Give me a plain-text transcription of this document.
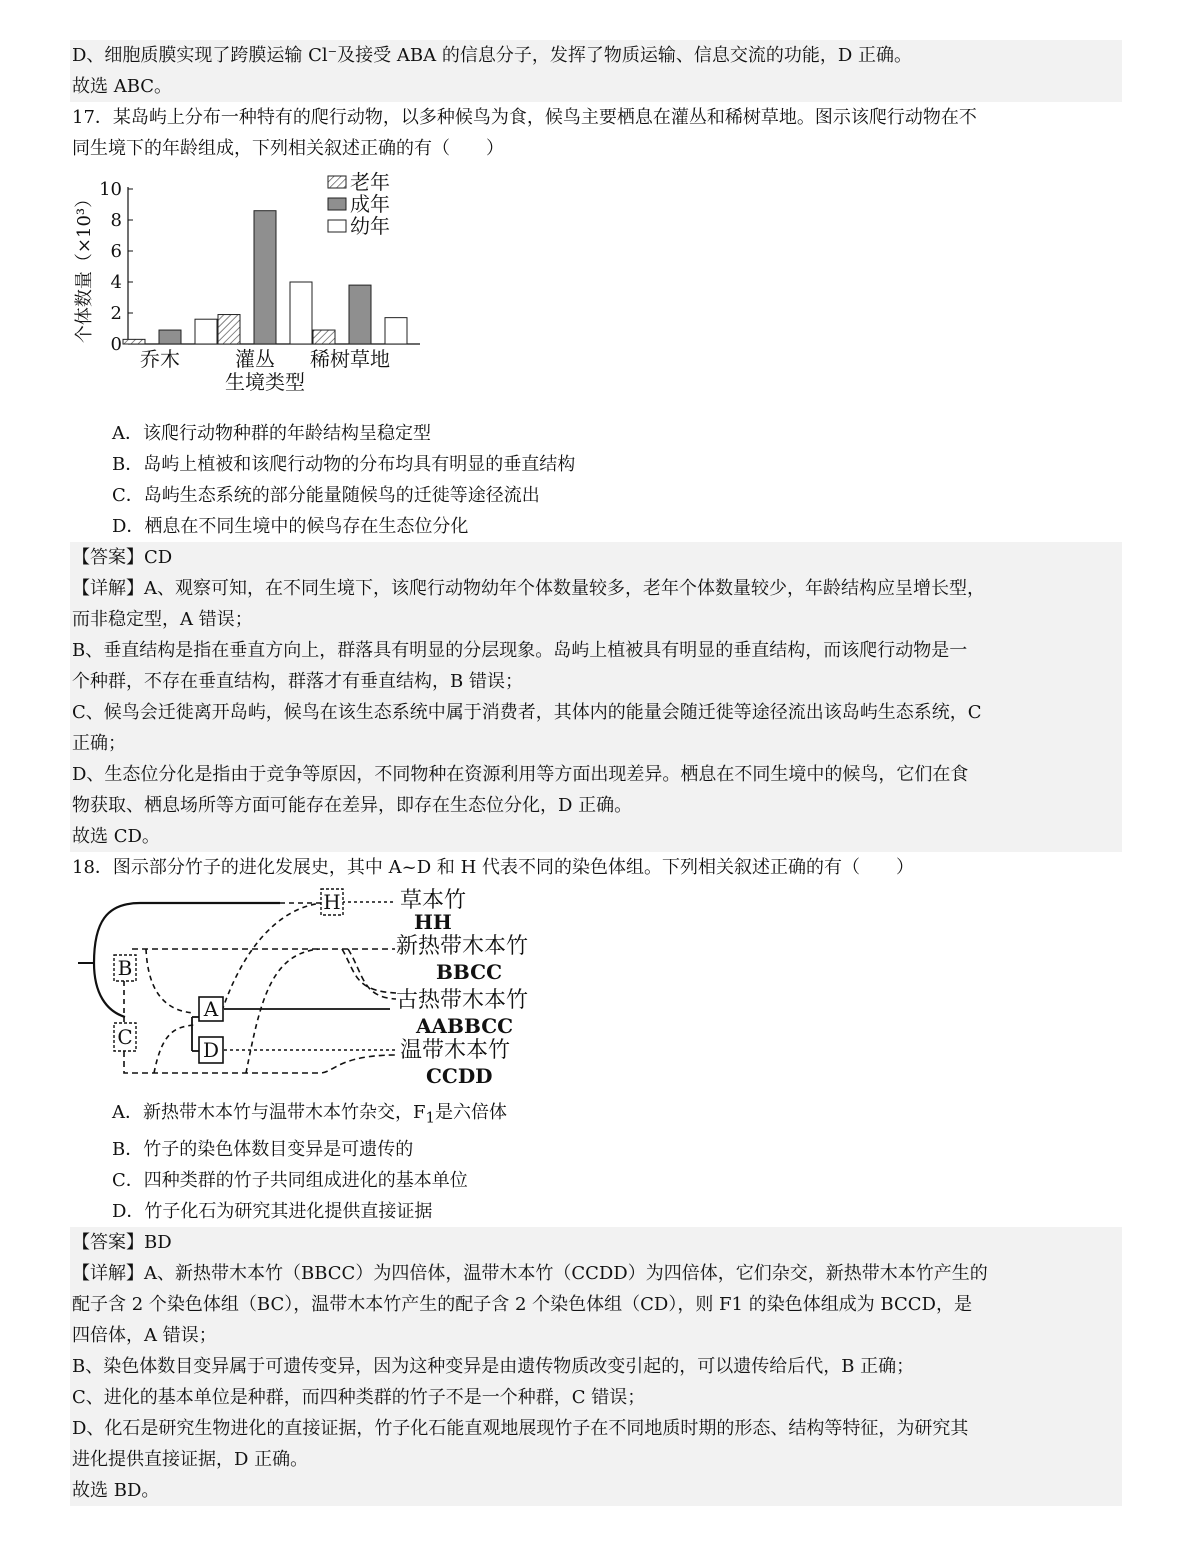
D、细胞质膜实现了跨膜运输 Cl⁻及接受 ABA 的信息分子，发挥了物质运输、信息交流的功能，D 正确。

故选 ABC。

17．某岛屿上分布一种特有的爬行动物，以多种候鸟为食，候鸟主要栖息在灌丛和稀树草地。图示该爬行动物在不

同生境下的年龄组成，下列相关叙述正确的有（　　）

0
2
4
6
8
10
个体数量（×10³）
乔木	灌丛 稀树草地
生境类型
老年
成年
幼年

A．该爬行动物种群的年龄结构呈稳定型

B．岛屿上植被和该爬行动物的分布均具有明显的垂直结构

C．岛屿生态系统的部分能量随候鸟的迁徙等途径流出

D．栖息在不同生境中的候鸟存在生态位分化

【答案】CD

【详解】A、观察可知，在不同生境下，该爬行动物幼年个体数量较多，老年个体数量较少，年龄结构应呈增长型，

而非稳定型，A 错误；

B、垂直结构是指在垂直方向上，群落具有明显的分层现象。岛屿上植被具有明显的垂直结构，而该爬行动物是一

个种群，不存在垂直结构，群落才有垂直结构，B 错误；

C、候鸟会迁徙离开岛屿，候鸟在该生态系统中属于消费者，其体内的能量会随迁徙等途径流出该岛屿生态系统，C

正确；

D、生态位分化是指由于竞争等原因，不同物种在资源利用等方面出现差异。栖息在不同生境中的候鸟，它们在食

物获取、栖息场所等方面可能存在差异，即存在生态位分化，D 正确。

故选 CD。

18．图示部分竹子的进化发展史，其中 A~D 和 H 代表不同的染色体组。下列相关叙述正确的有（　　）

H
B
A
C
D
草本竹
HH
新热带木本竹
BBCC
古热带木本竹
AABBCC
温带木本竹
CCDD

A．新热带木本竹与温带木本竹杂交，$F_1$是六倍体

B．竹子的染色体数目变异是可遗传的

C．四种类群的竹子共同组成进化的基本单位

D．竹子化石为研究其进化提供直接证据

【答案】BD

【详解】A、新热带木本竹（BBCC）为四倍体，温带木本竹（CCDD）为四倍体，它们杂交，新热带木本竹产生的

配子含 2 个染色体组（BC），温带木本竹产生的配子含 2 个染色体组（CD），则 F1 的染色体组成为 BCCD，是

四倍体，A 错误；

B、染色体数目变异属于可遗传变异，因为这种变异是由遗传物质改变引起的，可以遗传给后代，B 正确；

C、进化的基本单位是种群，而四种类群的竹子不是一个种群，C 错误；

D、化石是研究生物进化的直接证据，竹子化石能直观地展现竹子在不同地质时期的形态、结构等特征，为研究其

进化提供直接证据，D 正确。

故选 BD。
